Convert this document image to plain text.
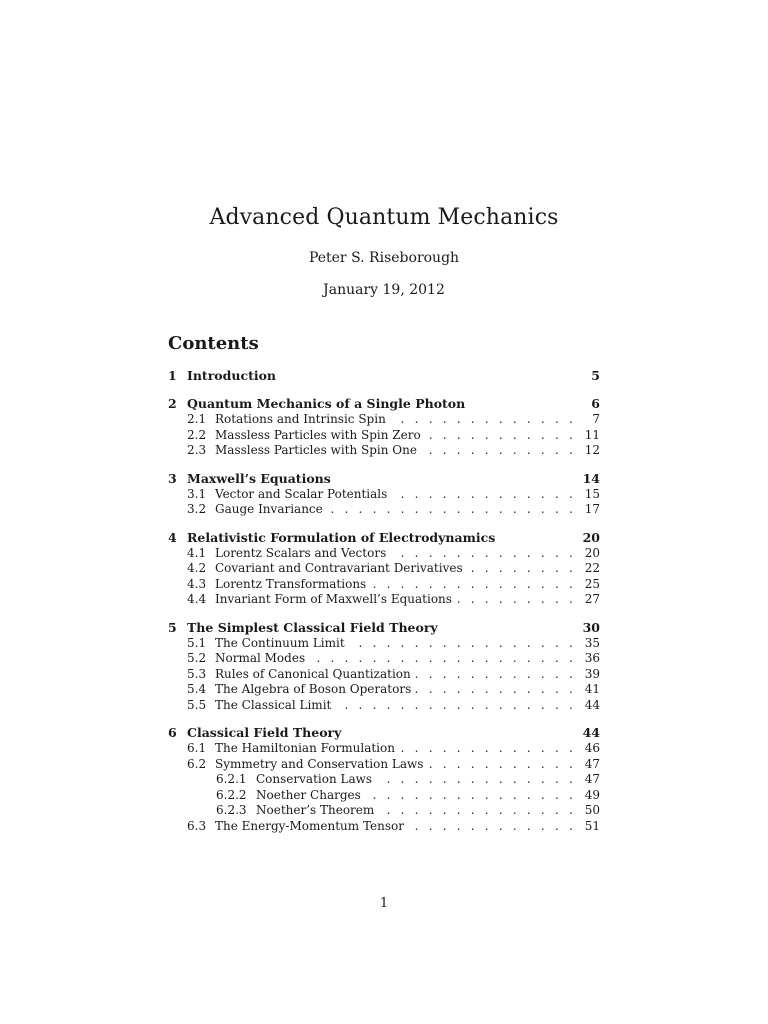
Advanced Quantum Mechanics
Peter S. Riseborough
January 19, 2012
Contents
1 Introduction	5
2 Quantum Mechanics of a Single Photon	6
2.1 Rotations and Intrinsic Spin . . .	7
2.2 Massless Particles with Spin Zero . . .	11
2.3 Massless Particles with Spin One . . .	12
3 Maxwell’s Equations	14
3.1 Vector and Scalar Potentials . . .	15
3.2 Gauge Invariance . . .	17
4 Relativistic Formulation of Electrodynamics	20
4.1 Lorentz Scalars and Vectors . . .	20
4.2 Covariant and Contravariant Derivatives . . .	22
4.3 Lorentz Transformations . . .	25
4.4 Invariant Form of Maxwell’s Equations . . .	27
5 The Simplest Classical Field Theory	30
5.1 The Continuum Limit . . .	35
5.2 Normal Modes . . .	36
5.3 Rules of Canonical Quantization . . .	39
5.4 The Algebra of Boson Operators . . .	41
5.5 The Classical Limit . . .	44
6 Classical Field Theory	44
6.1 The Hamiltonian Formulation . . .	46
6.2 Symmetry and Conservation Laws . . .	47
6.2.1 Conservation Laws . . .	47
6.2.2 Noether Charges . . .	49
6.2.3 Noether’s Theorem . . .	50
6.3 The Energy-Momentum Tensor . . .	51
1
